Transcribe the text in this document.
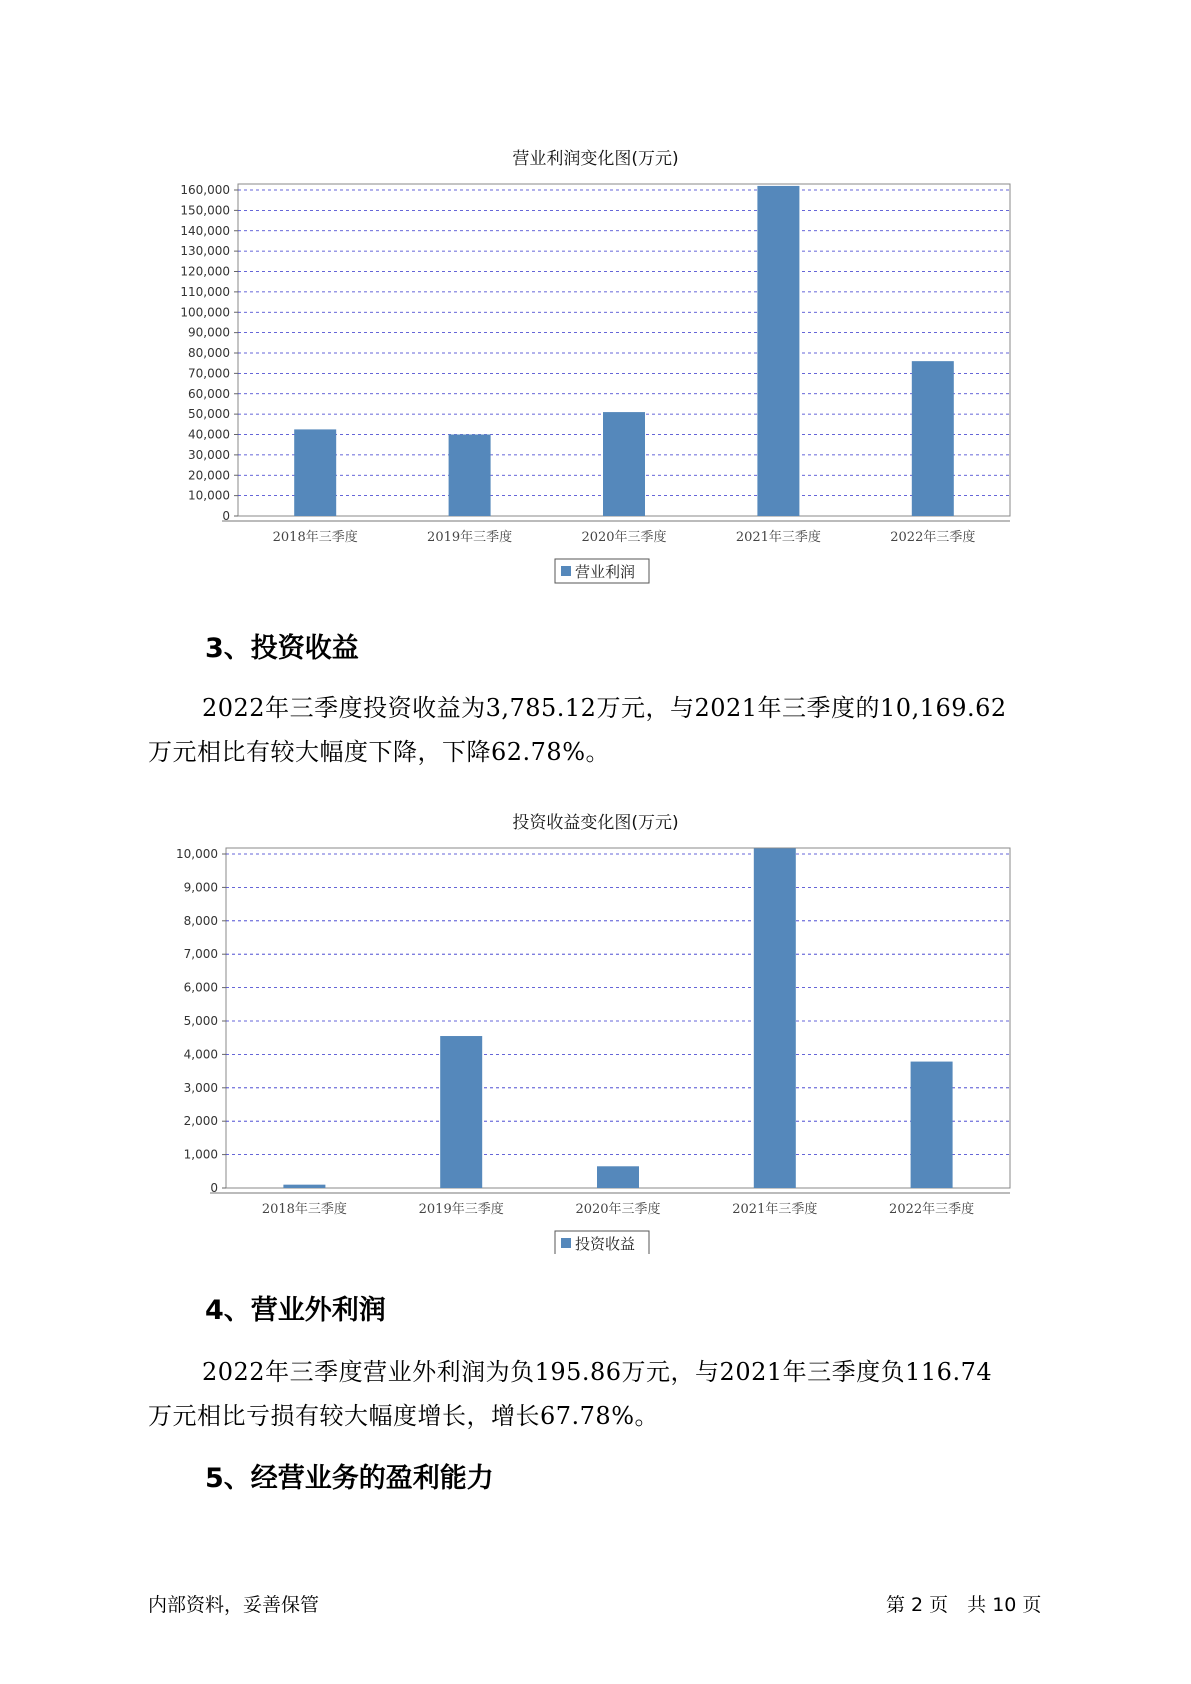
营业利润变化图(万元)
0
10,000
20,000
30,000
40,000
50,000
60,000
70,000
80,000
90,000
100,000
110,000
120,000
130,000
140,000
150,000
160,000
2018年三季度	2019年三季度	2020年三季度	2021年三季度	2022年三季度
营业利润
3、投资收益

2022年三季度投资收益为3,785.12万元，与2021年三季度的10,169.62
万元相比有较大幅度下降，下降62.78%。

投资收益变化图(万元)
0
1,000
2,000
3,000
4,000
5,000
6,000
7,000
8,000
9,000
10,000
2018年三季度	2019年三季度	2020年三季度	2021年三季度	2022年三季度
投资收益
4、营业外利润

2022年三季度营业外利润为负195.86万元，与2021年三季度负116.74
万元相比亏损有较大幅度增长，增长67.78%。

5、经营业务的盈利能力
内部资料，妥善保管	第 2 页　共 10 页
